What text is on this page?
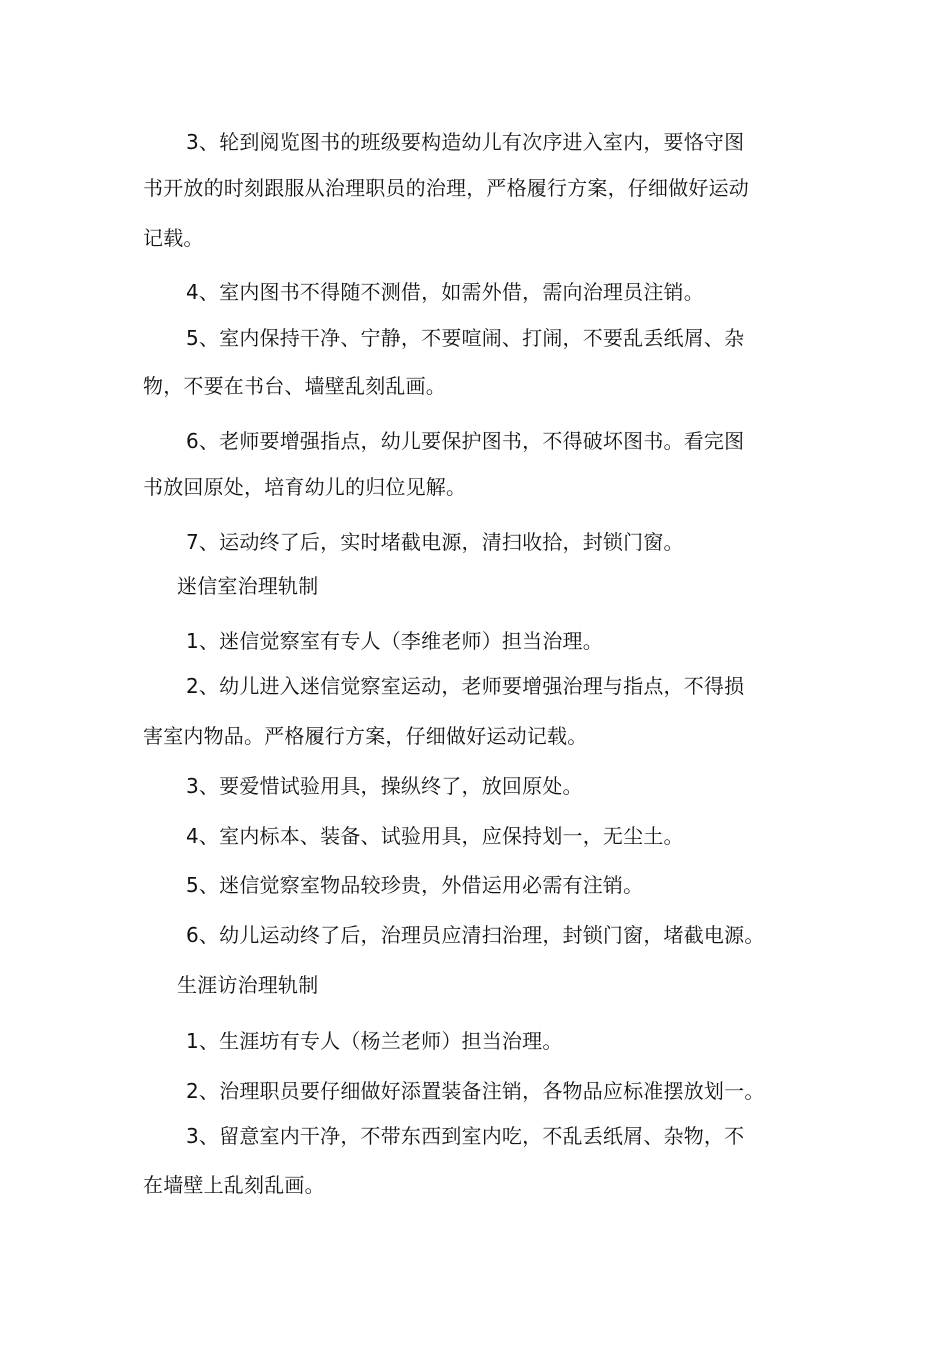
3、轮到阅览图书的班级要构造幼儿有次序进入室内，要恪守图
书开放的时刻跟服从治理职员的治理，严格履行方案，仔细做好运动
记载。
4、室内图书不得随不测借，如需外借，需向治理员注销。
5、室内保持干净、宁静，不要喧闹、打闹，不要乱丢纸屑、杂
物，不要在书台、墙壁乱刻乱画。
6、老师要增强指点，幼儿要保护图书，不得破坏图书。看完图
书放回原处，培育幼儿的归位见解。
7、运动终了后，实时堵截电源，清扫收拾，封锁门窗。
迷信室治理轨制
1、迷信觉察室有专人（李维老师）担当治理。
2、幼儿进入迷信觉察室运动，老师要增强治理与指点，不得损
害室内物品。严格履行方案，仔细做好运动记载。
3、要爱惜试验用具，操纵终了，放回原处。
4、室内标本、装备、试验用具，应保持划一，无尘土。
5、迷信觉察室物品较珍贵，外借运用必需有注销。
6、幼儿运动终了后，治理员应清扫治理，封锁门窗，堵截电源。
生涯访治理轨制
1、生涯坊有专人（杨兰老师）担当治理。
2、治理职员要仔细做好添置装备注销，各物品应标准摆放划一。
3、留意室内干净，不带东西到室内吃，不乱丢纸屑、杂物，不
在墙壁上乱刻乱画。
